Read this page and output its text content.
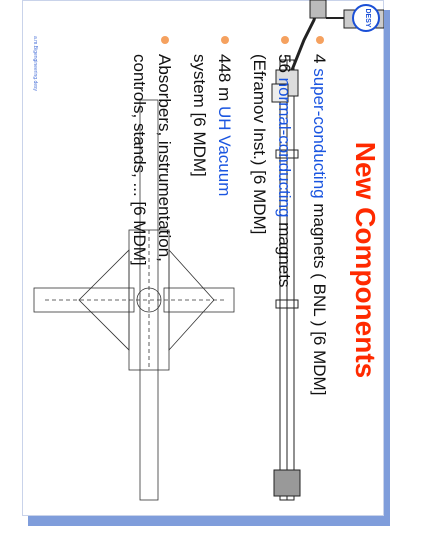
DESY
New Components
4 super-conducting magnets ( BNL ) [6 MDM]
56 normal-conducting magnets
(Eframov Inst.) [6 MDM]
448 m UH Vacuum
system [6 MDM]
Absorbers, instrumentation,
controls, stands, ... [6 MDM]
a.m.Bigengineering.desy
